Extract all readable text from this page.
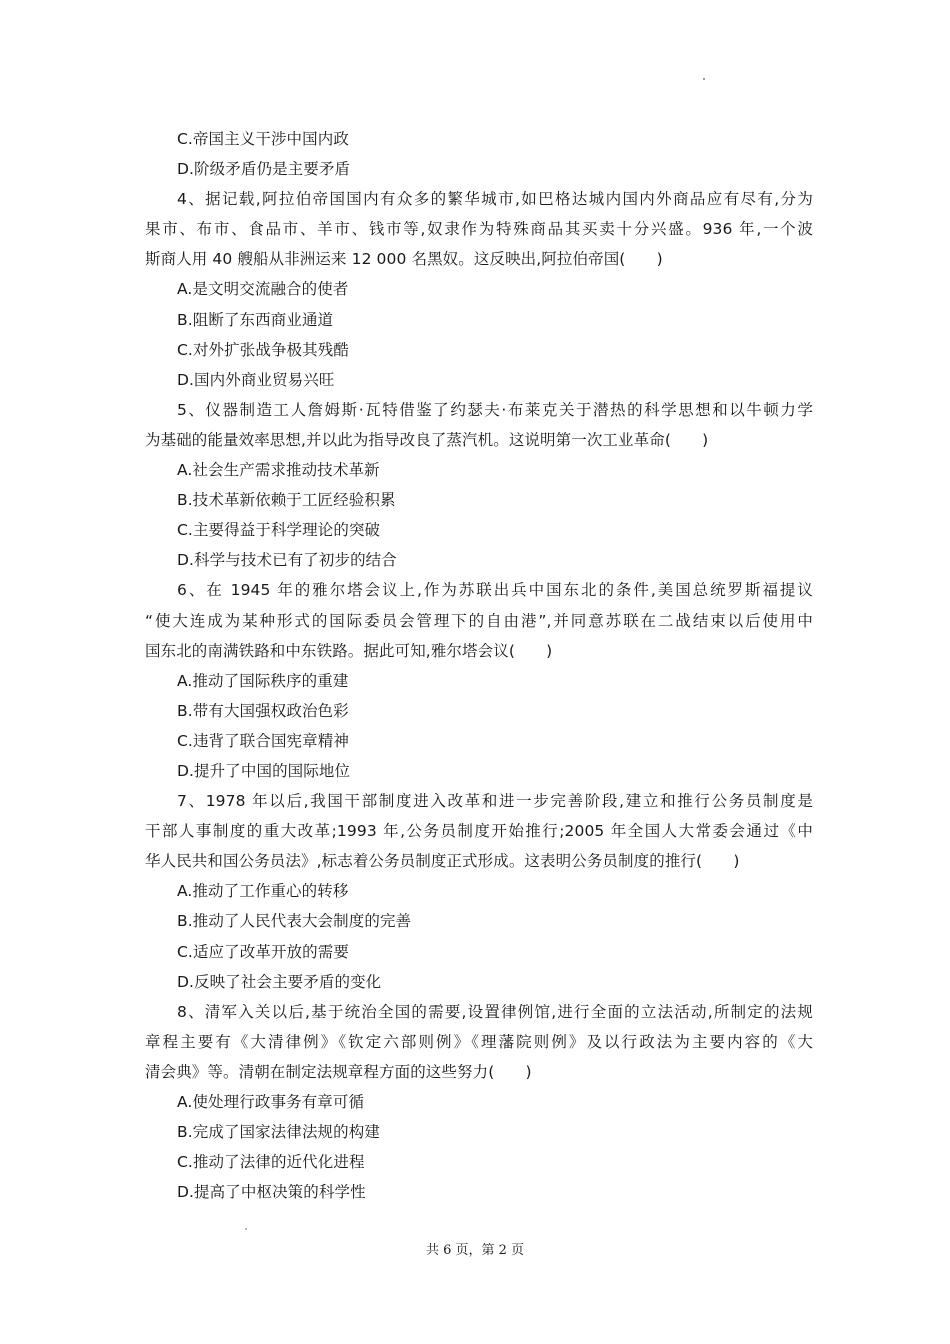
C.帝国主义干涉中国内政
D.阶级矛盾仍是主要矛盾
4、据记载,阿拉伯帝国国内有众多的繁华城市,如巴格达城内国内外商品应有尽有,分为
果市、布市、食品市、羊市、钱市等,奴隶作为特殊商品其买卖十分兴盛。936 年,一个波
斯商人用 40 艘船从非洲运来 12 000 名黑奴。这反映出,阿拉伯帝国(　　)
A.是文明交流融合的使者
B.阻断了东西商业通道
C.对外扩张战争极其残酷
D.国内外商业贸易兴旺
5、仪器制造工人詹姆斯·瓦特借鉴了约瑟夫·布莱克关于潜热的科学思想和以牛顿力学
为基础的能量效率思想,并以此为指导改良了蒸汽机。这说明第一次工业革命(　　)
A.社会生产需求推动技术革新
B.技术革新依赖于工匠经验积累
C.主要得益于科学理论的突破
D.科学与技术已有了初步的结合
6、在 1945 年的雅尔塔会议上,作为苏联出兵中国东北的条件,美国总统罗斯福提议
“使大连成为某种形式的国际委员会管理下的自由港”,并同意苏联在二战结束以后使用中
国东北的南满铁路和中东铁路。据此可知,雅尔塔会议(　　)
A.推动了国际秩序的重建
B.带有大国强权政治色彩
C.违背了联合国宪章精神
D.提升了中国的国际地位
7、1978 年以后,我国干部制度进入改革和进一步完善阶段,建立和推行公务员制度是
干部人事制度的重大改革;1993 年,公务员制度开始推行;2005 年全国人大常委会通过《中
华人民共和国公务员法》,标志着公务员制度正式形成。这表明公务员制度的推行(　　)
A.推动了工作重心的转移
B.推动了人民代表大会制度的完善
C.适应了改革开放的需要
D.反映了社会主要矛盾的变化
8、清军入关以后,基于统治全国的需要,设置律例馆,进行全面的立法活动,所制定的法规
章程主要有《大清律例》《钦定六部则例》《理藩院则例》及以行政法为主要内容的《大
清会典》等。清朝在制定法规章程方面的这些努力(　　)
A.使处理行政事务有章可循
B.完成了国家法律法规的构建
C.推动了法律的近代化进程
D.提高了中枢决策的科学性
共 6 页，第 2 页
